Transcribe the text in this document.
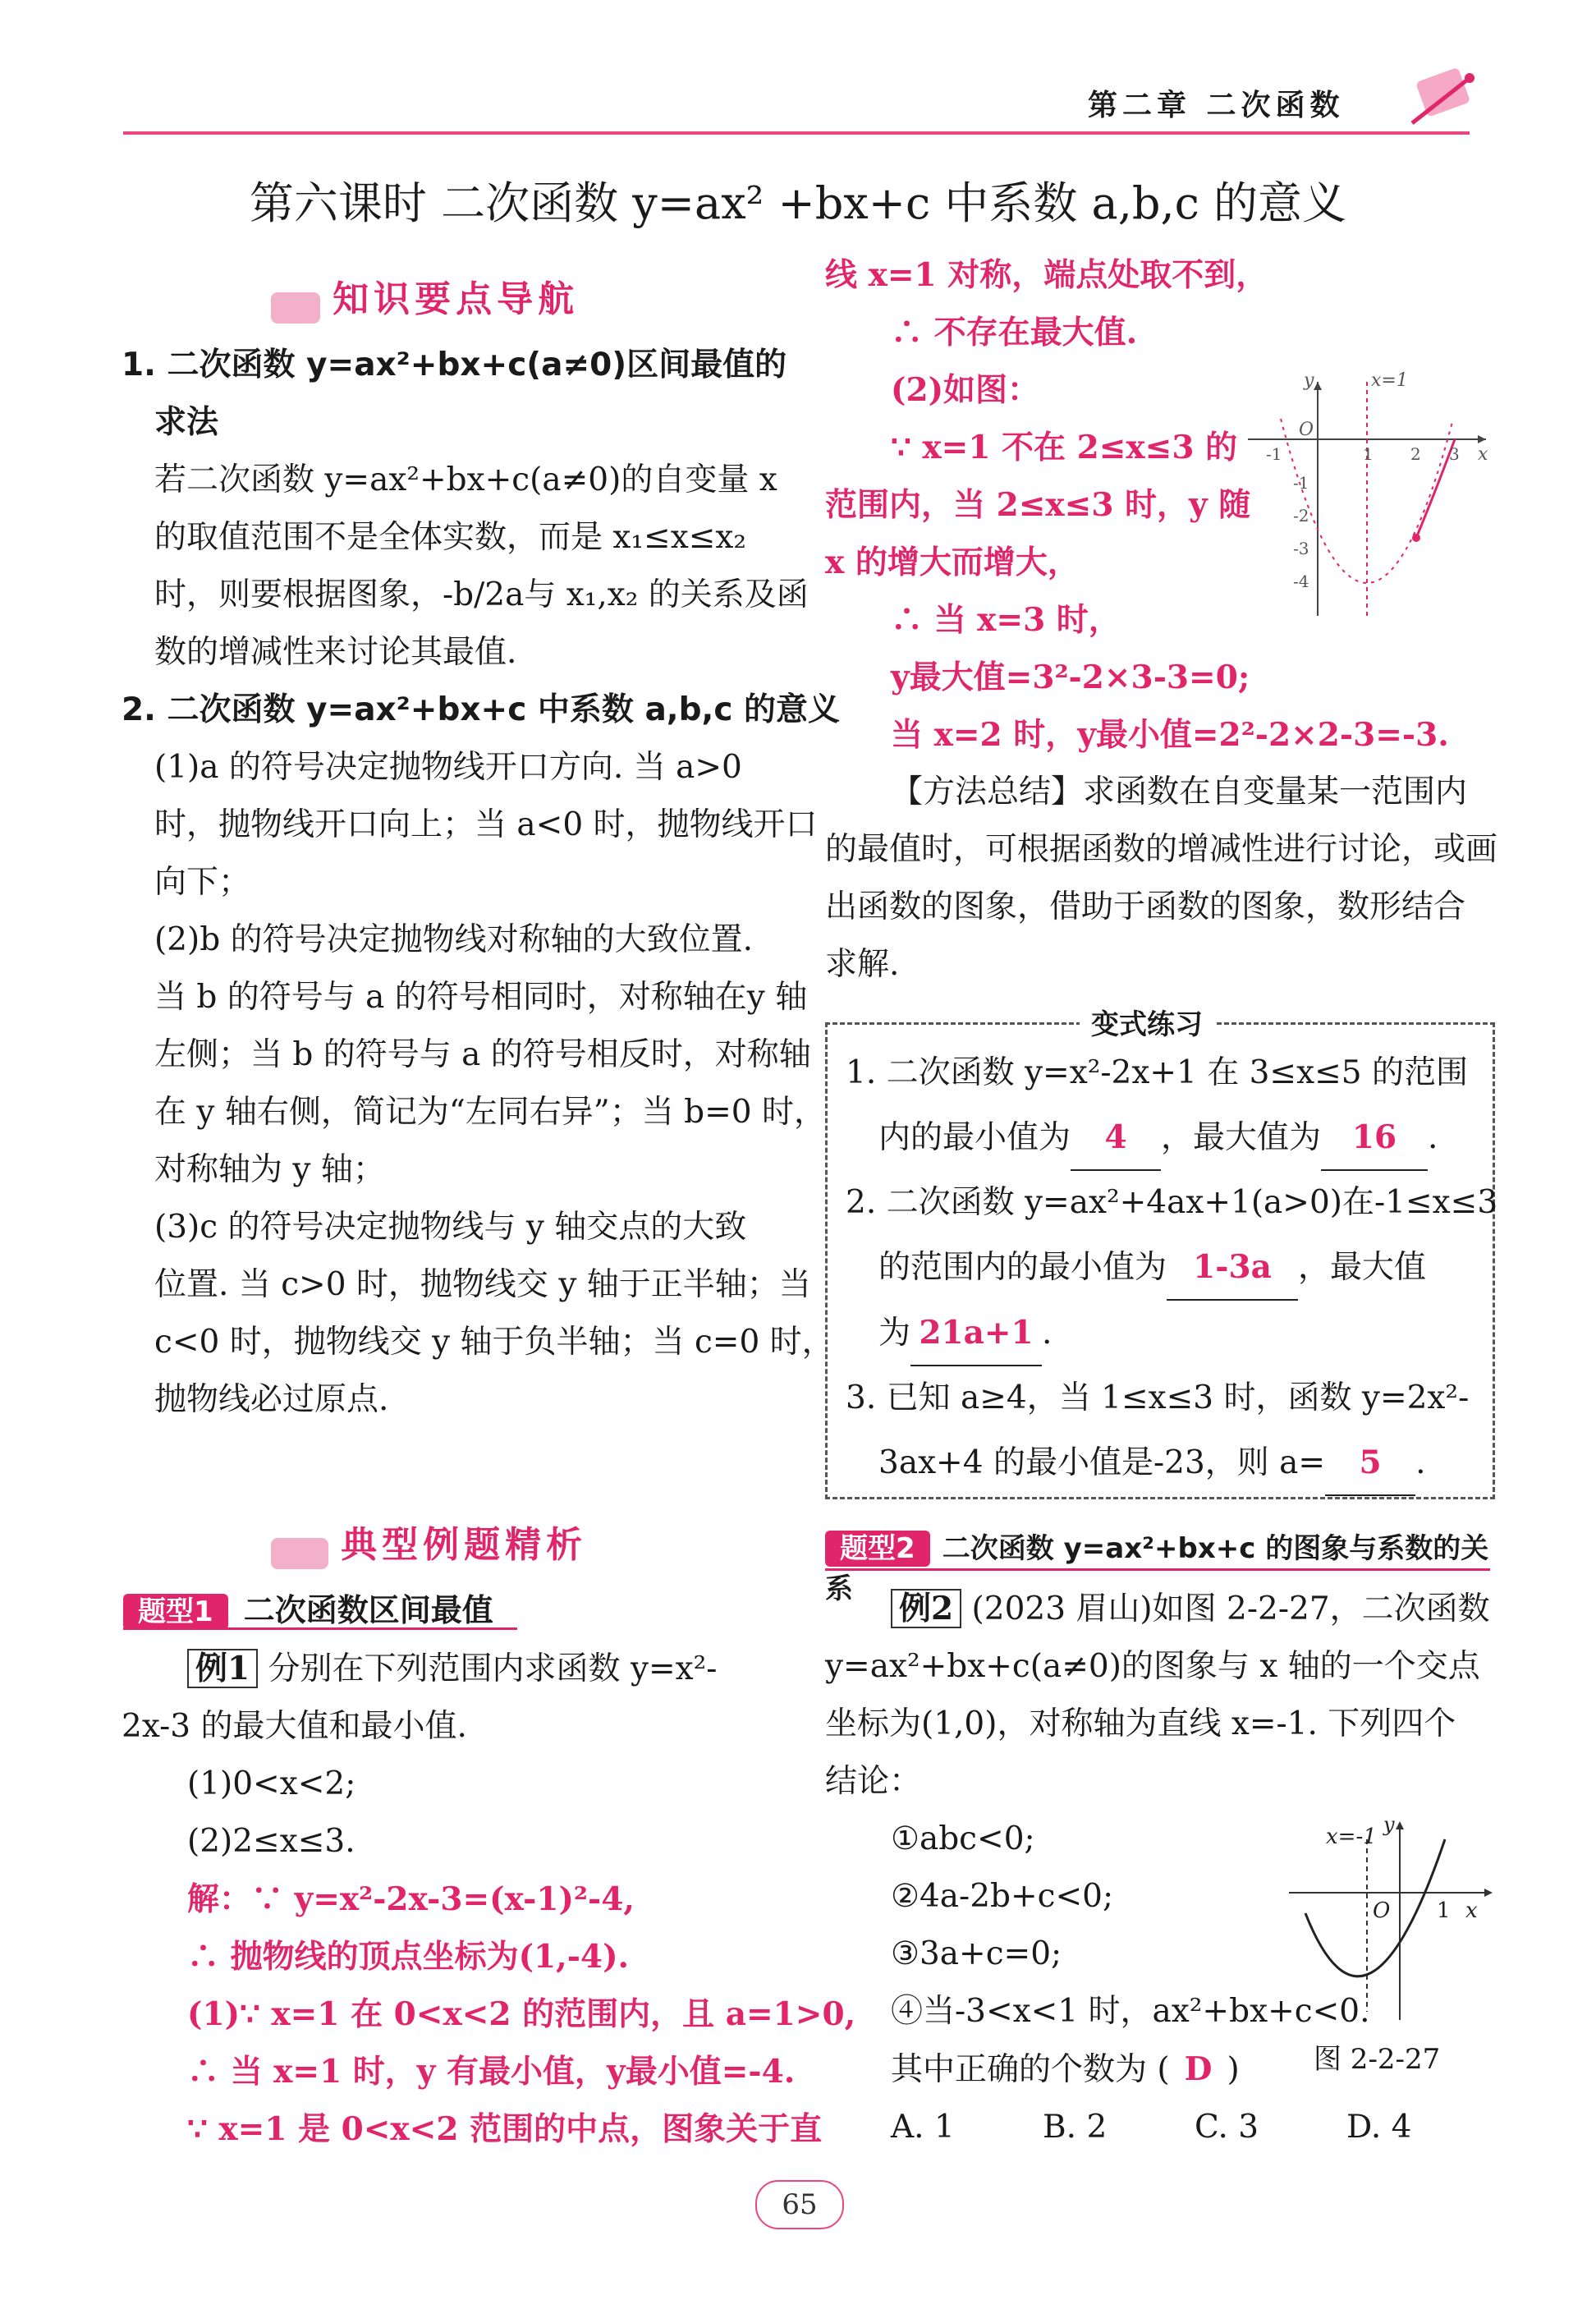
第二章 二次函数
第六课时 二次函数 y=ax² +bx+c 中系数 a,b,c 的意义
知识要点导航
1. 二次函数 y=ax²+bx+c(a≠0)区间最值的
求法
若二次函数 y=ax²+bx+c(a≠0)的自变量 x
的取值范围不是全体实数，而是 x₁≤x≤x₂
时，则要根据图象，-b/2a与 x₁,x₂ 的关系及函
数的增减性来讨论其最值.
2. 二次函数 y=ax²+bx+c 中系数 a,b,c 的意义
(1)a 的符号决定抛物线开口方向. 当 a>0
时，抛物线开口向上；当 a<0 时，抛物线开口
向下；
(2)b 的符号决定抛物线对称轴的大致位置.
当 b 的符号与 a 的符号相同时，对称轴在y 轴
左侧；当 b 的符号与 a 的符号相反时，对称轴
在 y 轴右侧，简记为“左同右异”；当 b=0 时，
对称轴为 y 轴；
(3)c 的符号决定抛物线与 y 轴交点的大致
位置. 当 c>0 时，抛物线交 y 轴于正半轴；当
c<0 时，抛物线交 y 轴于负半轴；当 c=0 时，
抛物线必过原点.
典型例题精析
题型1 二次函数区间最值
例1 分别在下列范围内求函数 y=x²-
2x-3 的最大值和最小值.
(1)0<x<2;
(2)2≤x≤3.
解：∵ y=x²-2x-3=(x-1)²-4,
∴ 抛物线的顶点坐标为(1,-4).
(1)∵ x=1 在 0<x<2 的范围内，且 a=1>0,
∴ 当 x=1 时，y 有最小值，y最小值=-4.
∵ x=1 是 0<x<2 范围的中点，图象关于直
线 x=1 对称，端点处取不到，
∴ 不存在最大值.
(2)如图：
∵ x=1 不在 2≤x≤3 的
范围内，当 2≤x≤3 时，y 随
x 的增大而增大，
∴ 当 x=3 时，
y最大值=3²-2×3-3=0;
当 x=2 时，y最小值=2²-2×2-3=-3.
【方法总结】求函数在自变量某一范围内
的最值时，可根据函数的增减性进行讨论，或画
出函数的图象，借助于函数的图象，数形结合
求解.
y	x=1
O
x
-1	1 2 3
-1
-2
-3
-4
变式练习
1. 二次函数 y=x²-2x+1 在 3≤x≤5 的范围
内的最小值为 4 ，最大值为 16 .
2. 二次函数 y=ax²+4ax+1(a>0)在-1≤x≤3
的范围内的最小值为 1-3a ，最大值
为 21a+1 .
3. 已知 a≥4，当 1≤x≤3 时，函数 y=2x²-
3ax+4 的最小值是-23，则 a= 5 .
题型2 二次函数 y=ax²+bx+c 的图象与系数的关系
例2 (2023 眉山)如图 2-2-27，二次函数
y=ax²+bx+c(a≠0)的图象与 x 轴的一个交点
坐标为(1,0)，对称轴为直线 x=-1. 下列四个
结论：
①abc<0;
②4a-2b+c<0;
③3a+c=0;
④当-3<x<1 时，ax²+bx+c<0.
其中正确的个数为 ( D )
A. 1	B. 2	C. 3	D. 4
x=-1 y
O 1 x
图 2-2-27
65
